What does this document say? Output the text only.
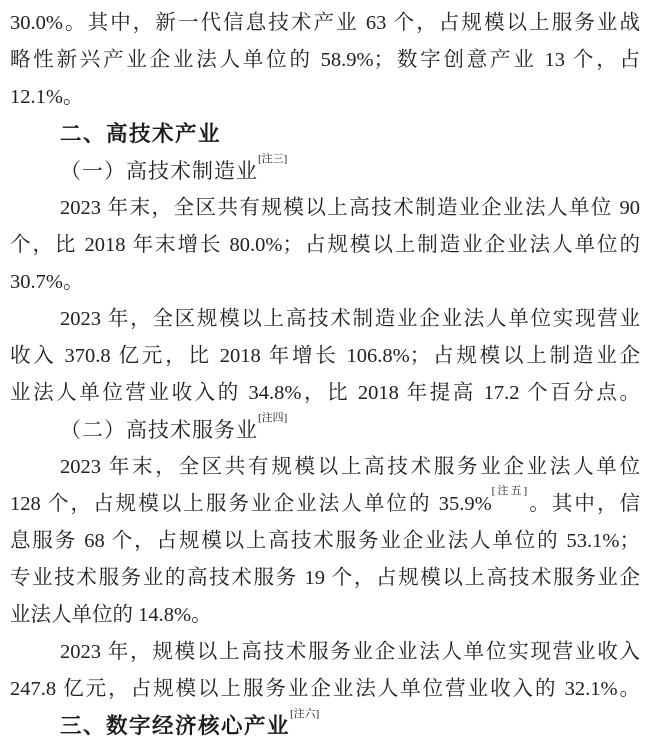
30.0%。其中，新一代信息技术产业 63 个，占规模以上服务业战
略性新兴产业企业法人单位的 58.9%；数字创意产业 13 个，占
12.1%。
二、高技术产业
（一）高技术制造业[注三]
2023 年末，全区共有规模以上高技术制造业企业法人单位 90
个，比 2018 年末增长 80.0%；占规模以上制造业企业法人单位的
30.7%。
2023 年，全区规模以上高技术制造业企业法人单位实现营业
收入 370.8 亿元，比 2018 年增长 106.8%；占规模以上制造业企
业法人单位营业收入的 34.8%，比 2018 年提高 17.2 个百分点。
（二）高技术服务业[注四]
2023 年末，全区共有规模以上高技术服务业企业法人单位
128 个，占规模以上服务业企业法人单位的 35.9%[注五]。其中，信
息服务 68 个，占规模以上高技术服务业企业法人单位的 53.1%；
专业技术服务业的高技术服务 19 个，占规模以上高技术服务业企
业法人单位的 14.8%。
2023 年，规模以上高技术服务业企业法人单位实现营业收入
247.8 亿元，占规模以上服务业企业法人单位营业收入的 32.1%。
三、数字经济核心产业[注六]
